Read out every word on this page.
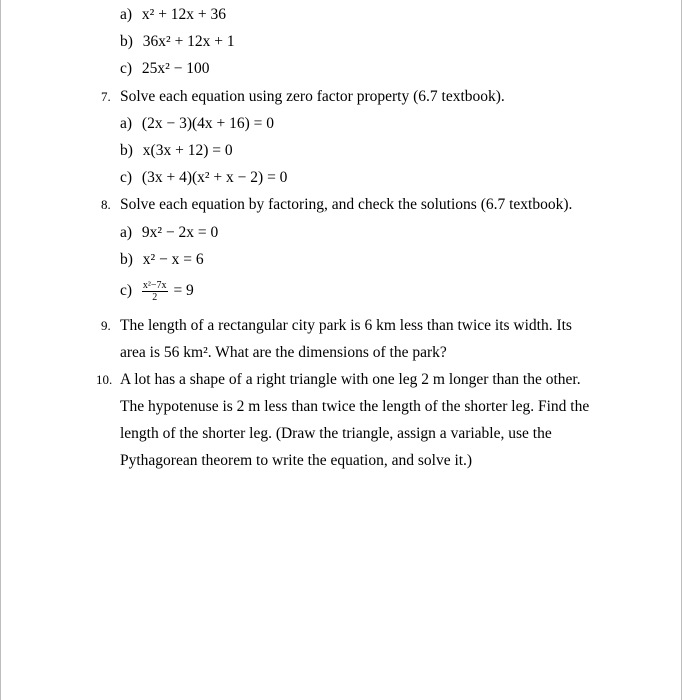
a) x² + 12x + 36
b) 36x² + 12x + 1
c) 25x² − 100
7. Solve each equation using zero factor property (6.7 textbook).
a) (2x − 3)(4x + 16) = 0
b) x(3x + 12) = 0
c) (3x + 4)(x² + x − 2) = 0
8. Solve each equation by factoring, and check the solutions (6.7 textbook).
a) 9x² − 2x = 0
b) x² − x = 6
$c) \frac{\text{x²−7x}}{2} = 9$
9. The length of a rectangular city park is 6 km less than twice its width. Its
area is 56 km². What are the dimensions of the park?
10. A lot has a shape of a right triangle with one leg 2 m longer than the other.
The hypotenuse is 2 m less than twice the length of the shorter leg. Find the
length of the shorter leg. (Draw the triangle, assign a variable, use the
Pythagorean theorem to write the equation, and solve it.)
